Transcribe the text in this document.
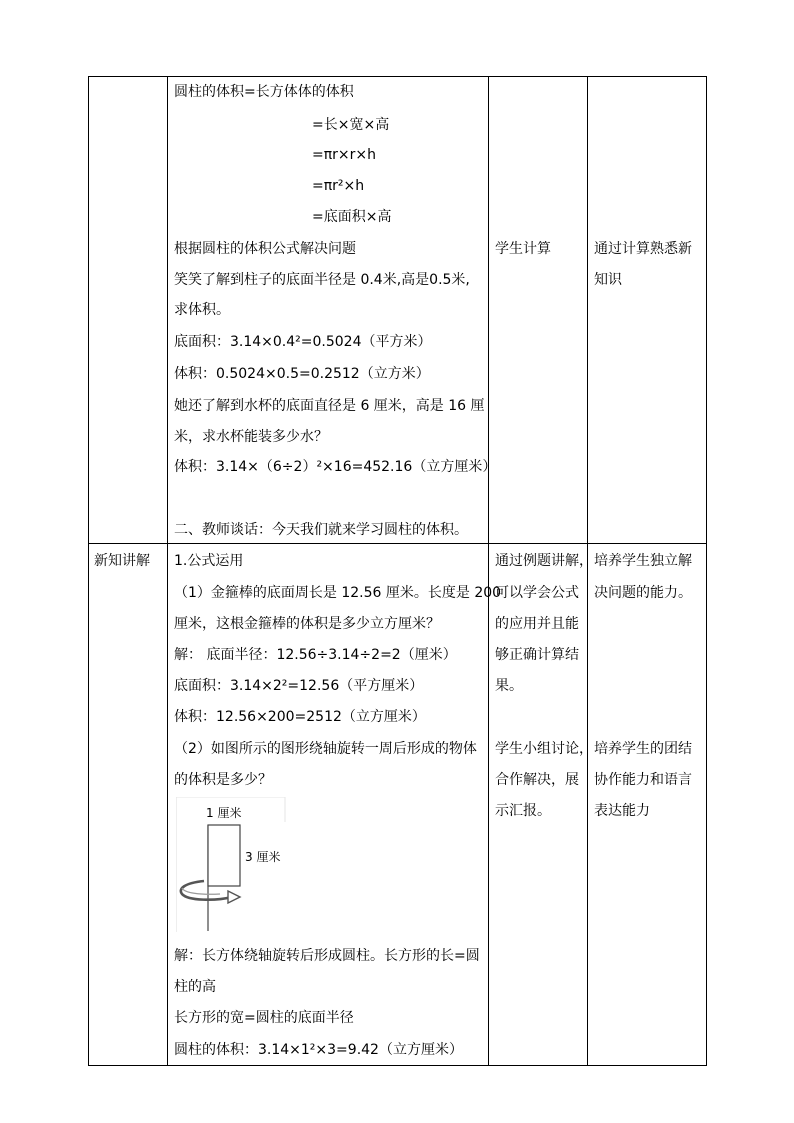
圆柱的体积=长方体体的体积
=长×宽×高
=πr×r×h
=πr²×h
=底面积×高
根据圆柱的体积公式解决问题
笑笑了解到柱子的底面半径是 0.4米,高是0.5米,
求体积。
底面积：3.14×0.4²=0.5024（平方米）
体积：0.5024×0.5=0.2512（立方米）
她还了解到水杯的底面直径是 6 厘米，高是 16 厘
米，求水杯能装多少水？
体积：3.14×（6÷2）²×16=452.16（立方厘米）
二、教师谈话：今天我们就来学习圆柱的体积。
学生计算	通过计算熟悉新
知识
新知讲解 1.公式运用
（1）金箍棒的底面周长是 12.56 厘米。长度是 200
厘米，这根金箍棒的体积是多少立方厘米？
解： 底面半径：12.56÷3.14÷2=2（厘米）
底面积：3.14×2²=12.56（平方厘米）
体积：12.56×200=2512（立方厘米）
（2）如图所示的图形绕轴旋转一周后形成的物体
的体积是多少？
解：长方体绕轴旋转后形成圆柱。长方形的长=圆
柱的高
长方形的宽=圆柱的底面半径
圆柱的体积：3.14×1²×3=9.42（立方厘米）
1 厘米
3 厘米
通过例题讲解，
可以学会公式
的应用并且能
够正确计算结
果。
学生小组讨论，
合作解决，展
示汇报。
培养学生独立解
决问题的能力。
培养学生的团结
协作能力和语言
表达能力
